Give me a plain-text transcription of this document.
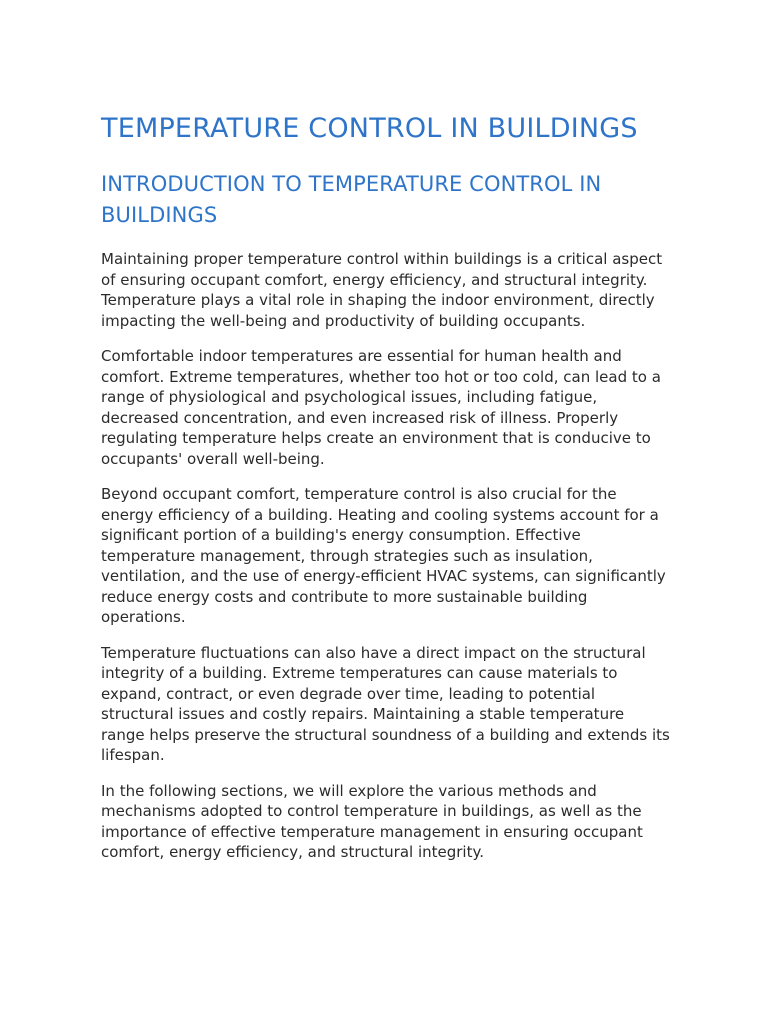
TEMPERATURE CONTROL IN BUILDINGS
INTRODUCTION TO TEMPERATURE CONTROL IN BUILDINGS

Maintaining proper temperature control within buildings is a critical aspect of ensuring occupant comfort, energy efficiency, and structural integrity. Temperature plays a vital role in shaping the indoor environment, directly impacting the well-being and productivity of building occupants.

Comfortable indoor temperatures are essential for human health and comfort. Extreme temperatures, whether too hot or too cold, can lead to a range of physiological and psychological issues, including fatigue, decreased concentration, and even increased risk of illness. Properly regulating temperature helps create an environment that is conducive to occupants' overall well-being.

Beyond occupant comfort, temperature control is also crucial for the energy efficiency of a building. Heating and cooling systems account for a significant portion of a building's energy consumption. Effective temperature management, through strategies such as insulation, ventilation, and the use of energy-efficient HVAC systems, can significantly reduce energy costs and contribute to more sustainable building operations.

Temperature fluctuations can also have a direct impact on the structural integrity of a building. Extreme temperatures can cause materials to expand, contract, or even degrade over time, leading to potential structural issues and costly repairs. Maintaining a stable temperature range helps preserve the structural soundness of a building and extends its lifespan.

In the following sections, we will explore the various methods and mechanisms adopted to control temperature in buildings, as well as the importance of effective temperature management in ensuring occupant comfort, energy efficiency, and structural integrity.
